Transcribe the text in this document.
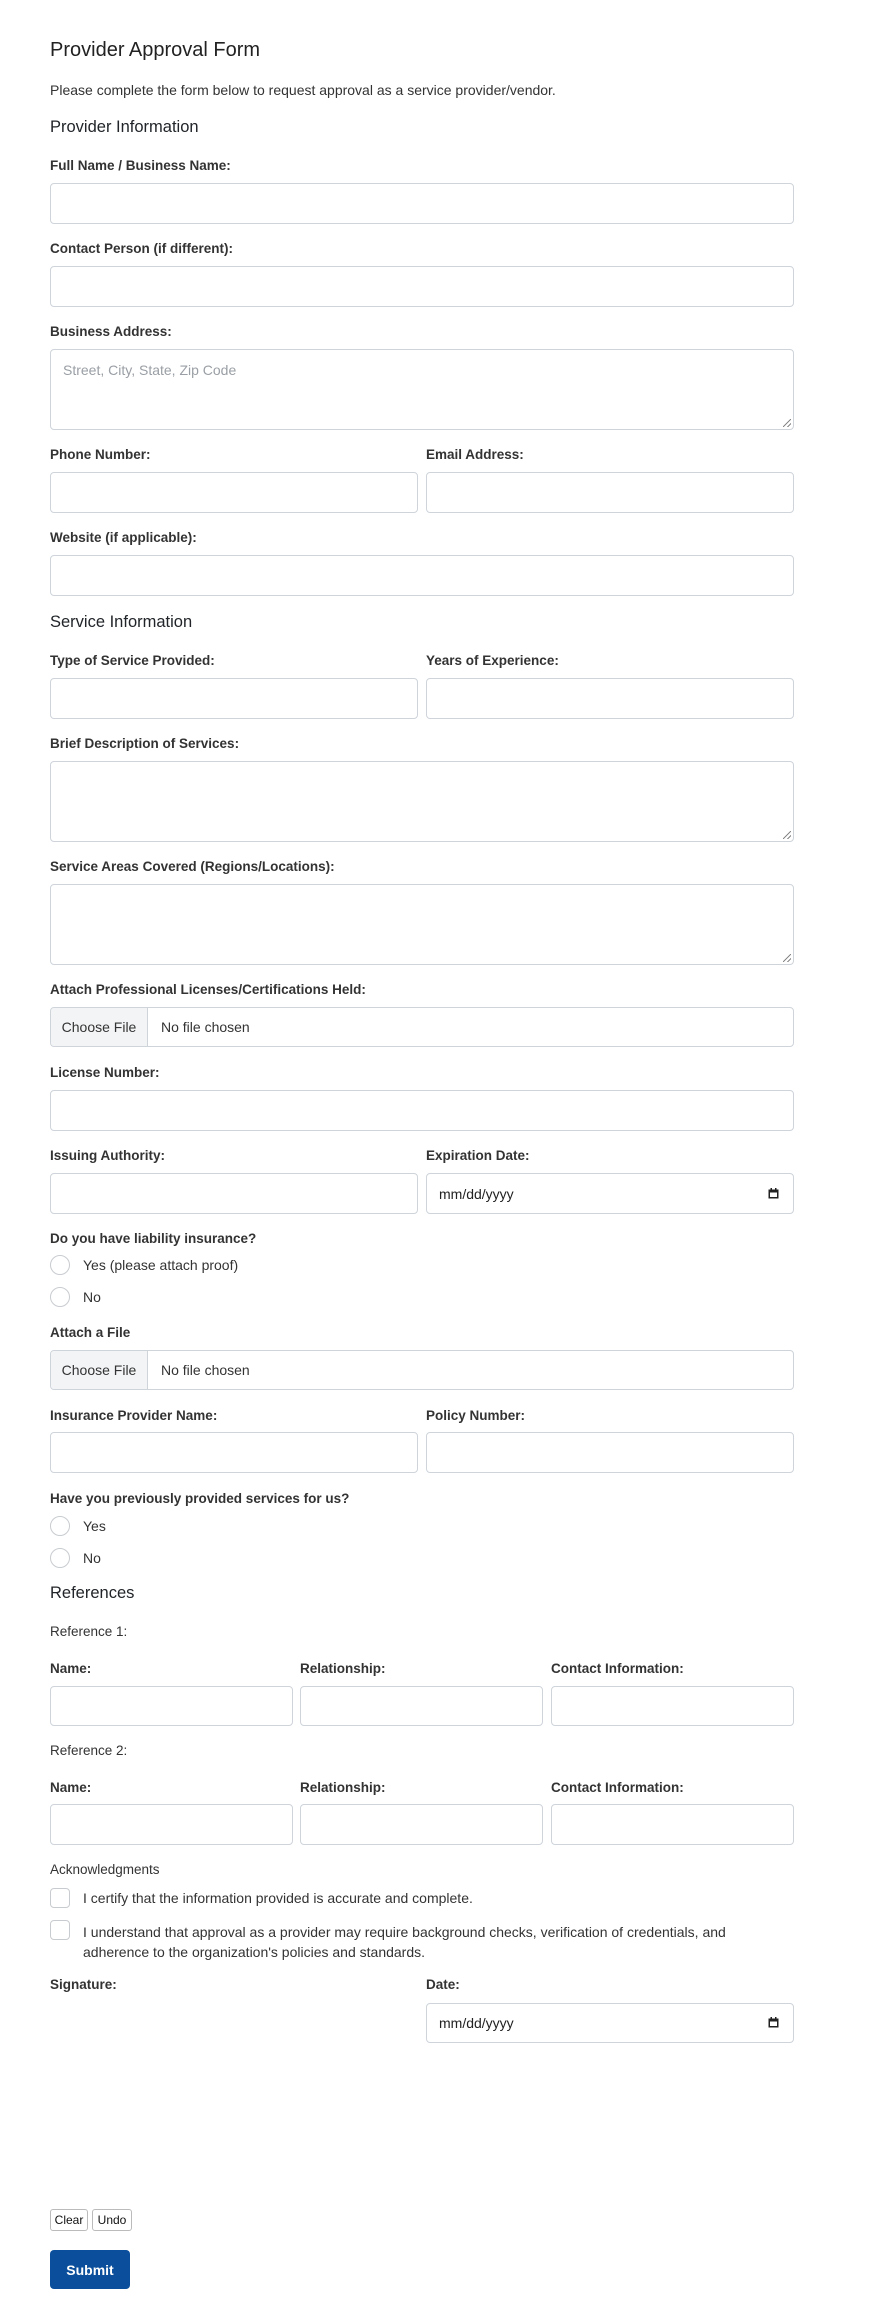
Provider Approval Form
Please complete the form below to request approval as a service provider/vendor.
Provider Information
Full Name / Business Name:
Contact Person (if different):
Business Address:
Street, City, State, Zip Code
Phone Number:	Email Address:
Website (if applicable):
Service Information
Type of Service Provided:	Years of Experience:
Brief Description of Services:
Service Areas Covered (Regions/Locations):
Attach Professional Licenses/Certifications Held:
Choose File	No file chosen
License Number:
Issuing Authority:	Expiration Date:
mm/dd/yyyy
Do you have liability insurance?
Yes (please attach proof)
No
Attach a File
Choose File	No file chosen
Insurance Provider Name:	Policy Number:
Have you previously provided services for us?
Yes
No
References
Reference 1:
Name:	Relationship:	Contact Information:
Reference 2:
Name:	Relationship:	Contact Information:
Acknowledgments
I certify that the information provided is accurate and complete.
I understand that approval as a provider may require background checks, verification of credentials, and adherence to the organization's policies and standards.
Signature:	Date:
mm/dd/yyyy
Clear	Undo
Submit
